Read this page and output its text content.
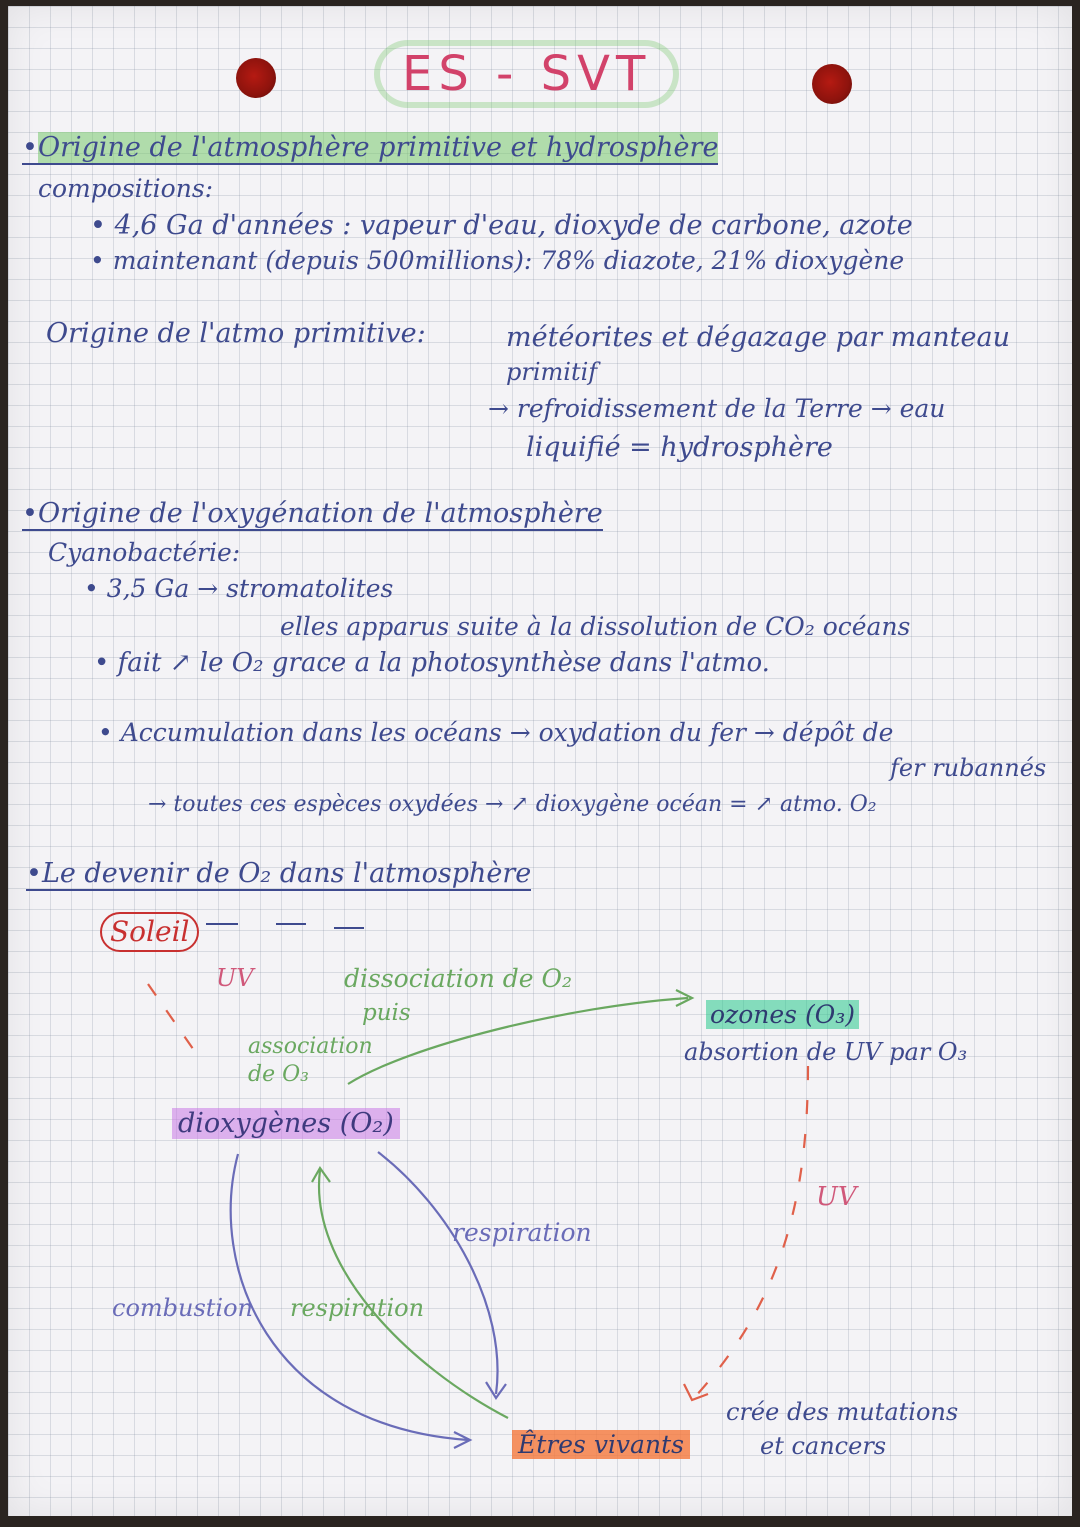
ES - SVT
•Origine de l'atmosphère primitive et hydrosphère
compositions:
• 4,6 Ga d'années : vapeur d'eau, dioxyde de carbone, azote
• maintenant (depuis 500millions): 78% diazote, 21% dioxygène
Origine de l'atmo primitive:	météorites et dégazage par manteau
primitif
→ refroidissement de la Terre → eau
liquifié = hydrosphère
•Origine de l'oxygénation de l'atmosphère
Cyanobactérie:
• 3,5 Ga → stromatolites
elles apparus suite à la dissolution de CO₂ océans
• fait ↗ le O₂ grace a la photosynthèse dans l'atmo.
• Accumulation dans les océans → oxydation du fer → dépôt de
fer rubannés
→ toutes ces espèces oxydées → ↗ dioxygène océan = ↗ atmo. O₂
•Le devenir de O₂ dans l'atmosphère
Soleil
UV	dissociation de O₂
puis
association
de O₃
ozones (O₃)
absortion de UV par O₃
UV
dioxygènes (O₂)
respiration
combustion respiration
Êtres vivants
crée des mutations
et cancers
